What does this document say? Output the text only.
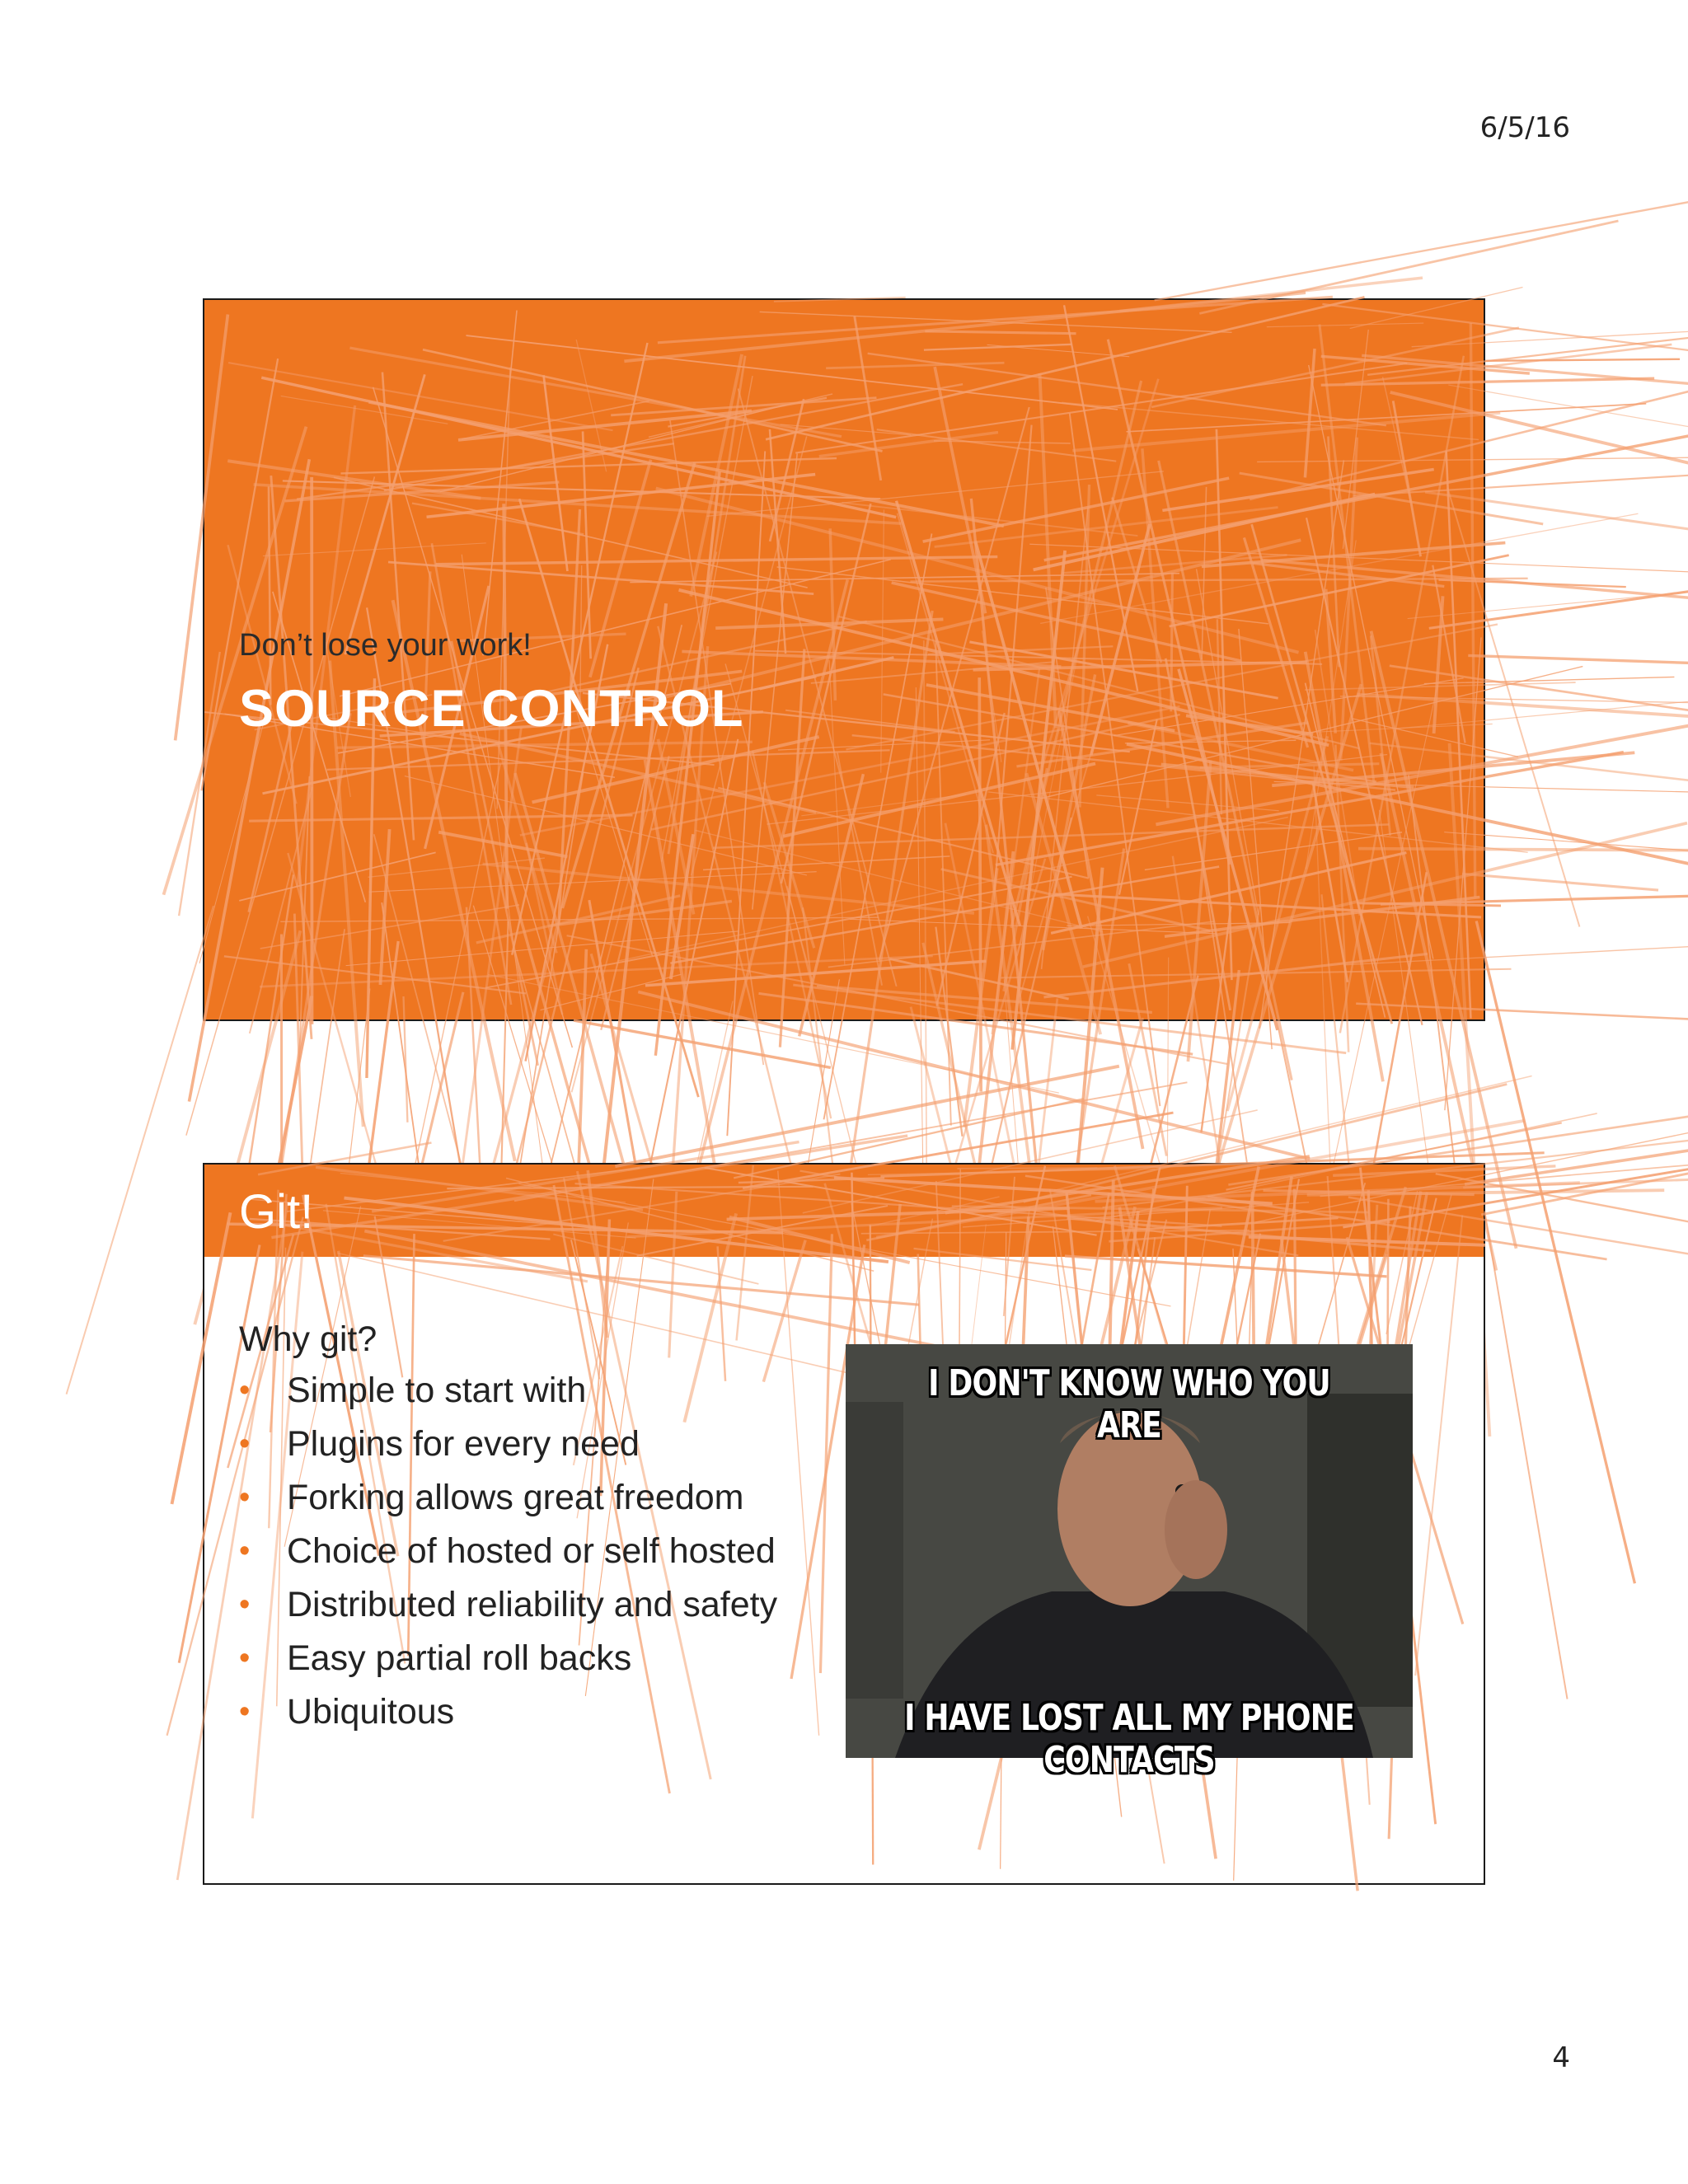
6/5/16
Don’t lose your work!
SOURCE CONTROL
Git!

Why git?

• Simple to start with
• Plugins for every need
• Forking allows great freedom
• Choice of hosted or self hosted
• Distributed reliability and safety
• Easy partial roll backs
• Ubiquitous
I DON'T KNOW WHO YOU ARE
I HAVE LOST ALL MY PHONE CONTACTS
4
